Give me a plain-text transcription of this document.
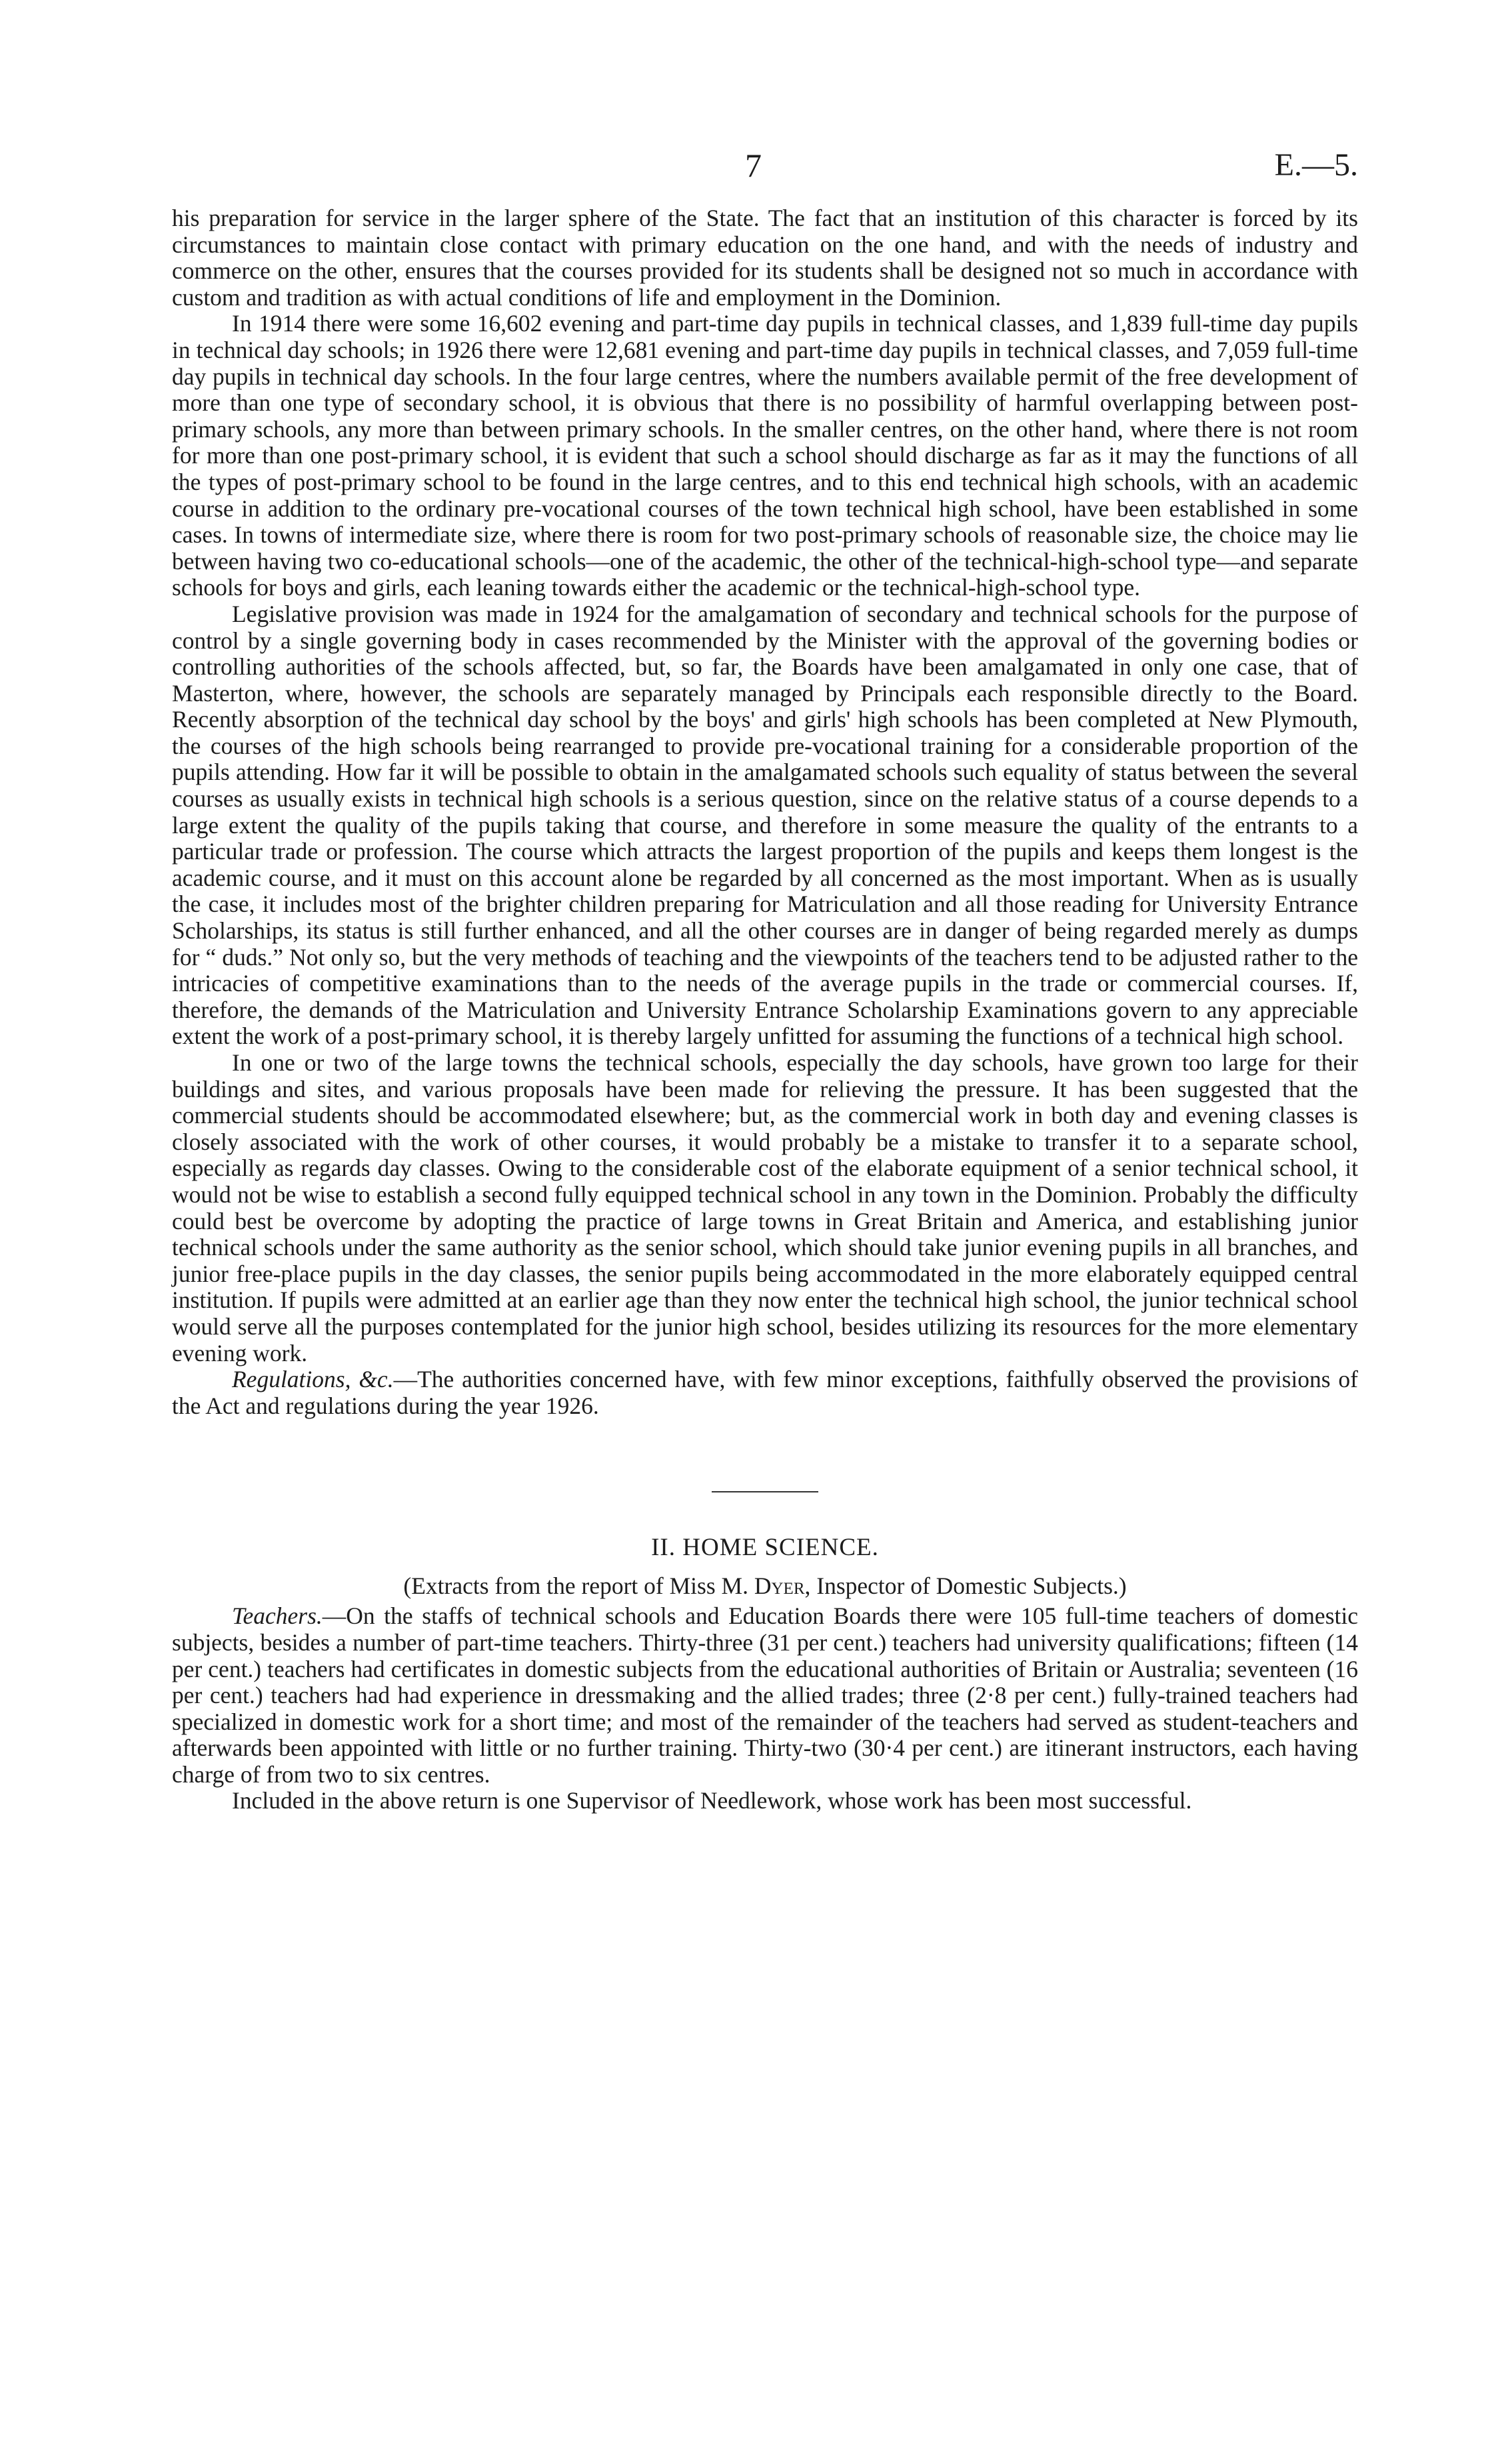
7	E.—5.

his preparation for service in the larger sphere of the State. The fact that an institution of this character is forced by its circumstances to maintain close contact with primary education on the one hand, and with the needs of industry and commerce on the other, ensures that the courses provided for its students shall be designed not so much in accordance with custom and tradition as with actual conditions of life and employment in the Dominion.

In 1914 there were some 16,602 evening and part-time day pupils in technical classes, and 1,839 full-time day pupils in technical day schools; in 1926 there were 12,681 evening and part-time day pupils in technical classes, and 7,059 full-time day pupils in technical day schools. In the four large centres, where the numbers available permit of the free development of more than one type of secondary school, it is obvious that there is no possibility of harmful overlapping between post-primary schools, any more than between primary schools. In the smaller centres, on the other hand, where there is not room for more than one post-primary school, it is evident that such a school should discharge as far as it may the functions of all the types of post-primary school to be found in the large centres, and to this end technical high schools, with an academic course in addition to the ordinary pre-vocational courses of the town technical high school, have been established in some cases. In towns of intermediate size, where there is room for two post-primary schools of reasonable size, the choice may lie between having two co-educational schools—one of the academic, the other of the technical-high-school type—and separate schools for boys and girls, each leaning towards either the academic or the technical-high-school type.

Legislative provision was made in 1924 for the amalgamation of secondary and technical schools for the purpose of control by a single governing body in cases recommended by the Minister with the approval of the governing bodies or controlling authorities of the schools affected, but, so far, the Boards have been amalgamated in only one case, that of Masterton, where, however, the schools are separately managed by Principals each responsible directly to the Board. Recently absorption of the technical day school by the boys' and girls' high schools has been completed at New Plymouth, the courses of the high schools being rearranged to provide pre-vocational training for a considerable proportion of the pupils attending. How far it will be possible to obtain in the amalgamated schools such equality of status between the several courses as usually exists in technical high schools is a serious question, since on the relative status of a course depends to a large extent the quality of the pupils taking that course, and therefore in some measure the quality of the entrants to a particular trade or profession. The course which attracts the largest proportion of the pupils and keeps them longest is the academic course, and it must on this account alone be regarded by all concerned as the most important. When as is usually the case, it includes most of the brighter children preparing for Matriculation and all those reading for University Entrance Scholarships, its status is still further enhanced, and all the other courses are in danger of being regarded merely as dumps for “ duds.” Not only so, but the very methods of teaching and the viewpoints of the teachers tend to be adjusted rather to the intricacies of competitive examinations than to the needs of the average pupils in the trade or commercial courses. If, therefore, the demands of the Matriculation and University Entrance Scholarship Examinations govern to any appreciable extent the work of a post-primary school, it is thereby largely unfitted for assuming the functions of a technical high school.

In one or two of the large towns the technical schools, especially the day schools, have grown too large for their buildings and sites, and various proposals have been made for relieving the pressure. It has been suggested that the commercial students should be accommodated elsewhere; but, as the commercial work in both day and evening classes is closely associated with the work of other courses, it would probably be a mistake to transfer it to a separate school, especially as regards day classes. Owing to the considerable cost of the elaborate equipment of a senior technical school, it would not be wise to establish a second fully equipped technical school in any town in the Dominion. Probably the difficulty could best be overcome by adopting the practice of large towns in Great Britain and America, and establishing junior technical schools under the same authority as the senior school, which should take junior evening pupils in all branches, and junior free-place pupils in the day classes, the senior pupils being accommodated in the more elaborately equipped central institution. If pupils were admitted at an earlier age than they now enter the technical high school, the junior technical school would serve all the purposes contemplated for the junior high school, besides utilizing its resources for the more elementary evening work.

Regulations, &c.—The authorities concerned have, with few minor exceptions, faithfully observed the provisions of the Act and regulations during the year 1926.

II. HOME SCIENCE.
(Extracts from the report of Miss M. Dyer, Inspector of Domestic Subjects.)

Teachers.—On the staffs of technical schools and Education Boards there were 105 full-time teachers of domestic subjects, besides a number of part-time teachers. Thirty-three (31 per cent.) teachers had university qualifications; fifteen (14 per cent.) teachers had certificates in domestic subjects from the educational authorities of Britain or Australia; seventeen (16 per cent.) teachers had had experience in dressmaking and the allied trades; three (2·8 per cent.) fully-trained teachers had specialized in domestic work for a short time; and most of the remainder of the teachers had served as student-teachers and afterwards been appointed with little or no further training. Thirty-two (30·4 per cent.) are itinerant instructors, each having charge of from two to six centres.

Included in the above return is one Supervisor of Needlework, whose work has been most successful.
